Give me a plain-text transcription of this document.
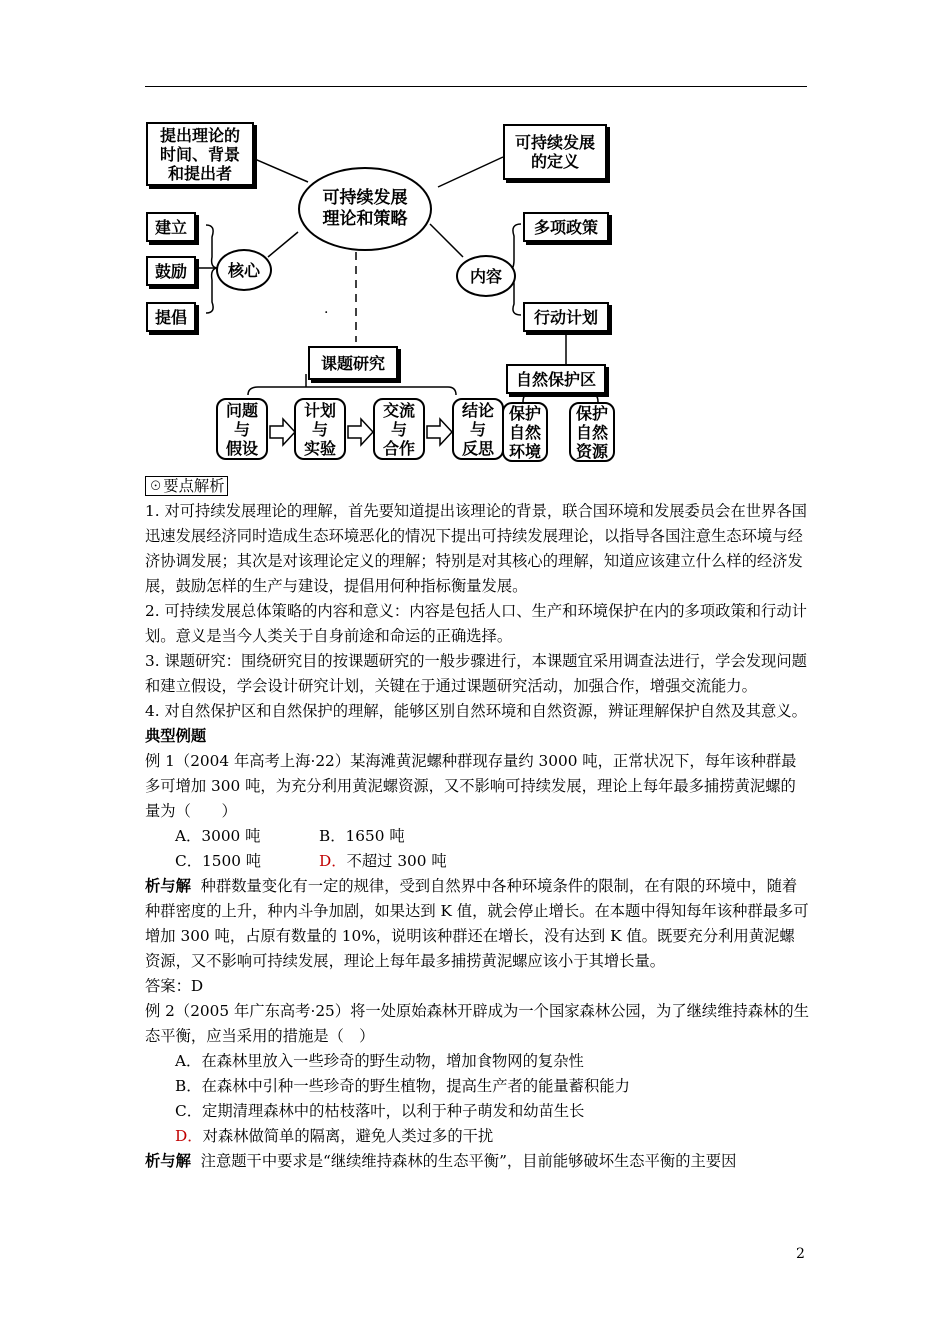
提出理论的
时间、背景
和提出者
可持续发展
的定义
可持续发展
理论和策略
建立
鼓励
提倡
核心	内容
多项政策
行动计划
·
课题研究
自然保护区
问题
与
假设
计划
与
实验
交流
与
合作
结论
与
反思
保护
自然
环境
保护
自然
资源

☉要点解析

1. 对可持续发展理论的理解，首先要知道提出该理论的背景，联合国环境和发展委员会在世界各国迅速发展经济同时造成生态环境恶化的情况下提出可持续发展理论，以指导各国注意生态环境与经济协调发展；其次是对该理论定义的理解；特别是对其核心的理解，知道应该建立什么样的经济发展，鼓励怎样的生产与建设，提倡用何种指标衡量发展。

2. 可持续发展总体策略的内容和意义：内容是包括人口、生产和环境保护在内的多项政策和行动计划。意义是当今人类关于自身前途和命运的正确选择。

3. 课题研究：围绕研究目的按课题研究的一般步骤进行，本课题宜采用调查法进行，学会发现问题和建立假设，学会设计研究计划，关键在于通过课题研究活动，加强合作，增强交流能力。

4. 对自然保护区和自然保护的理解，能够区别自然环境和自然资源，辨证理解保护自然及其意义。

典型例题

例 1（2004 年高考上海·22）某海滩黄泥螺种群现存量约 3000 吨，正常状况下，每年该种群最多可增加 300 吨，为充分利用黄泥螺资源，又不影响可持续发展，理论上每年最多捕捞黄泥螺的量为（　　）

A．3000 吨	B．1650 吨

C．1500 吨	D．不超过 300 吨

析与解 种群数量变化有一定的规律，受到自然界中各种环境条件的限制，在有限的环境中，随着种群密度的上升，种内斗争加剧，如果达到 K 值，就会停止增长。在本题中得知每年该种群最多可增加 300 吨，占原有数量的 10%，说明该种群还在增长，没有达到 K 值。既要充分利用黄泥螺资源，又不影响可持续发展，理论上每年最多捕捞黄泥螺应该小于其增长量。

答案：D

例 2（2005 年广东高考·25）将一处原始森林开辟成为一个国家森林公园，为了继续维持森林的生态平衡，应当采用的措施是（　）

A．在森林里放入一些珍奇的野生动物，增加食物网的复杂性

B．在森林中引种一些珍奇的野生植物，提高生产者的能量蓄积能力

C．定期清理森林中的枯枝落叶，以利于种子萌发和幼苗生长

D．对森林做简单的隔离，避免人类过多的干扰

析与解 注意题干中要求是“继续维持森林的生态平衡”，目前能够破坏生态平衡的主要因

2
